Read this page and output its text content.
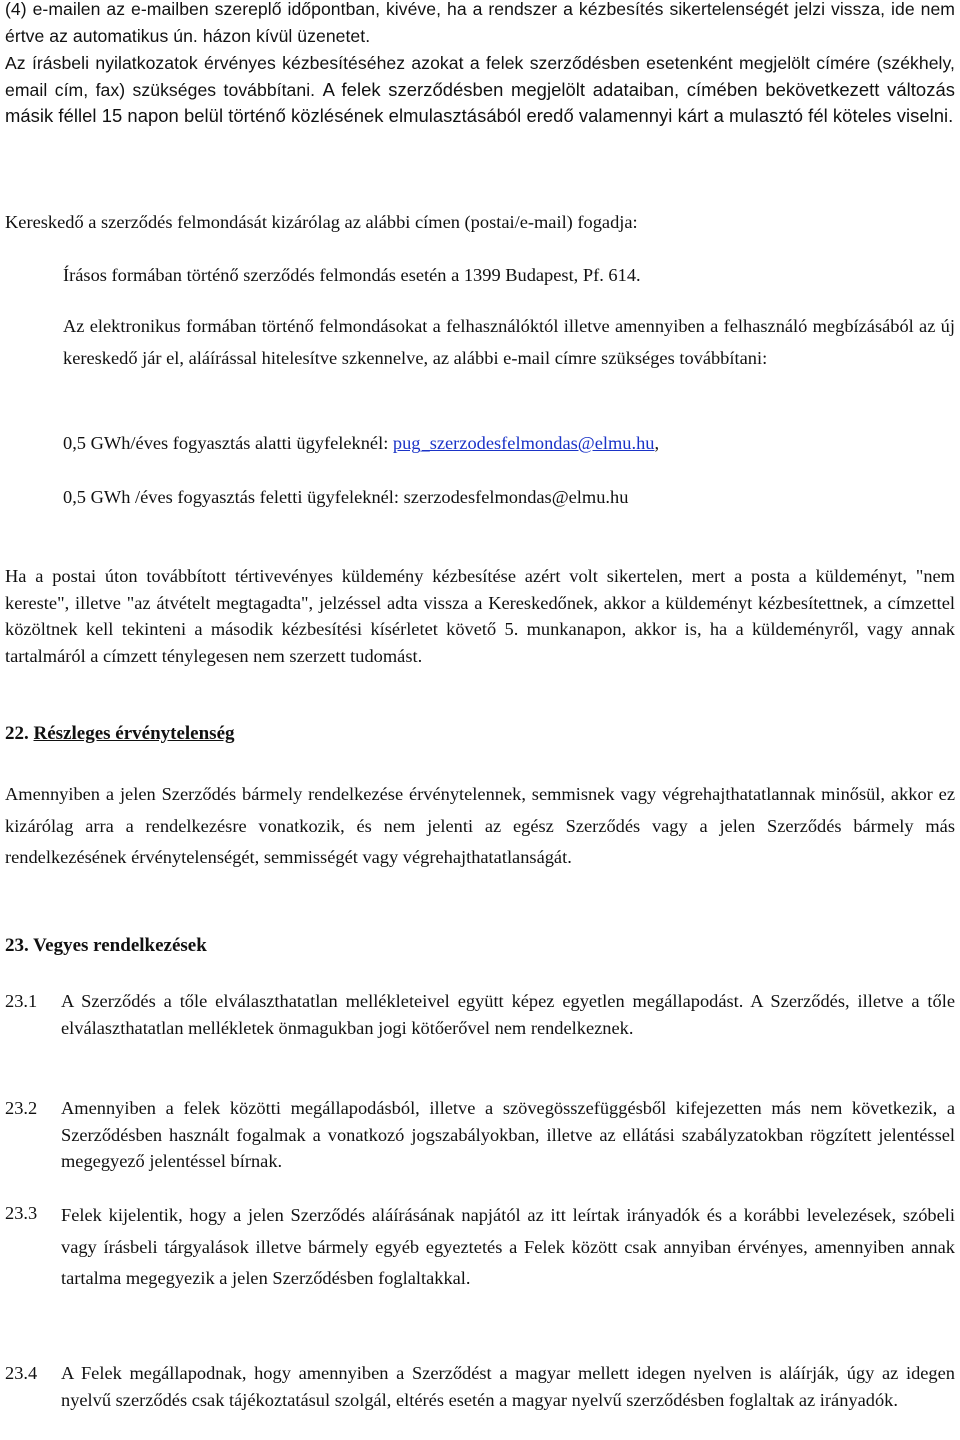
(4) e-mailen az e-mailben szereplő időpontban, kivéve, ha a rendszer a kézbesítés sikertelenségét jelzi vissza, ide nem értve az automatikus ún. házon kívül üzenetet.

Az írásbeli nyilatkozatok érvényes kézbesítéséhez azokat a felek szerződésben esetenként megjelölt címére (székhely, email cím, fax) szükséges továbbítani. A felek szerződésben megjelölt adataiban, címében bekövetkezett változás másik féllel 15 napon belül történő közlésének elmulasztásából eredő valamennyi kárt a mulasztó fél köteles viselni.

Kereskedő a szerződés felmondását kizárólag az alábbi címen (postai/e-mail) fogadja:

Írásos formában történő szerződés felmondás esetén a 1399 Budapest, Pf. 614.

Az elektronikus formában történő felmondásokat a felhasználóktól illetve amennyiben a felhasználó megbízásából az új kereskedő jár el, aláírással hitelesítve szkennelve, az alábbi e-mail címre szükséges továbbítani:

0,5 GWh/éves fogyasztás alatti ügyfeleknél: pug_szerzodesfelmondas@elmu.hu,

0,5 GWh /éves fogyasztás feletti ügyfeleknél: szerzodesfelmondas@elmu.hu

Ha a postai úton továbbított tértivevényes küldemény kézbesítése azért volt sikertelen, mert a posta a küldeményt, "nem kereste", illetve "az átvételt megtagadta", jelzéssel adta vissza a Kereskedőnek, akkor a küldeményt kézbesítettnek, a címzettel közöltnek kell tekinteni a második kézbesítési kísérletet követő 5. munkanapon, akkor is, ha a küldeményről, vagy annak tartalmáról a címzett ténylegesen nem szerzett tudomást.

22. Részleges érvénytelenség

Amennyiben a jelen Szerződés bármely rendelkezése érvénytelennek, semmisnek vagy végrehajthatatlannak minősül, akkor ez kizárólag arra a rendelkezésre vonatkozik, és nem jelenti az egész Szerződés vagy a jelen Szerződés bármely más rendelkezésének érvénytelenségét, semmisségét vagy végrehajthatatlanságát.

23. Vegyes rendelkezések

23.1 A Szerződés a tőle elválaszthatatlan mellékleteivel együtt képez egyetlen megállapodást. A Szerződés, illetve a tőle elválaszthatatlan mellékletek önmagukban jogi kötőerővel nem rendelkeznek.

23.2 Amennyiben a felek közötti megállapodásból, illetve a szövegösszefüggésből kifejezetten más nem következik, a Szerződésben használt fogalmak a vonatkozó jogszabályokban, illetve az ellátási szabályzatokban rögzített jelentéssel megegyező jelentéssel bírnak.

23.3 Felek kijelentik, hogy a jelen Szerződés aláírásának napjától az itt leírtak irányadók és a korábbi levelezések, szóbeli vagy írásbeli tárgyalások illetve bármely egyéb egyeztetés a Felek között csak annyiban érvényes, amennyiben annak tartalma megegyezik a jelen Szerződésben foglaltakkal.

23.4 A Felek megállapodnak, hogy amennyiben a Szerződést a magyar mellett idegen nyelven is aláírják, úgy az idegen nyelvű szerződés csak tájékoztatásul szolgál, eltérés esetén a magyar nyelvű szerződésben foglaltak az irányadók.
